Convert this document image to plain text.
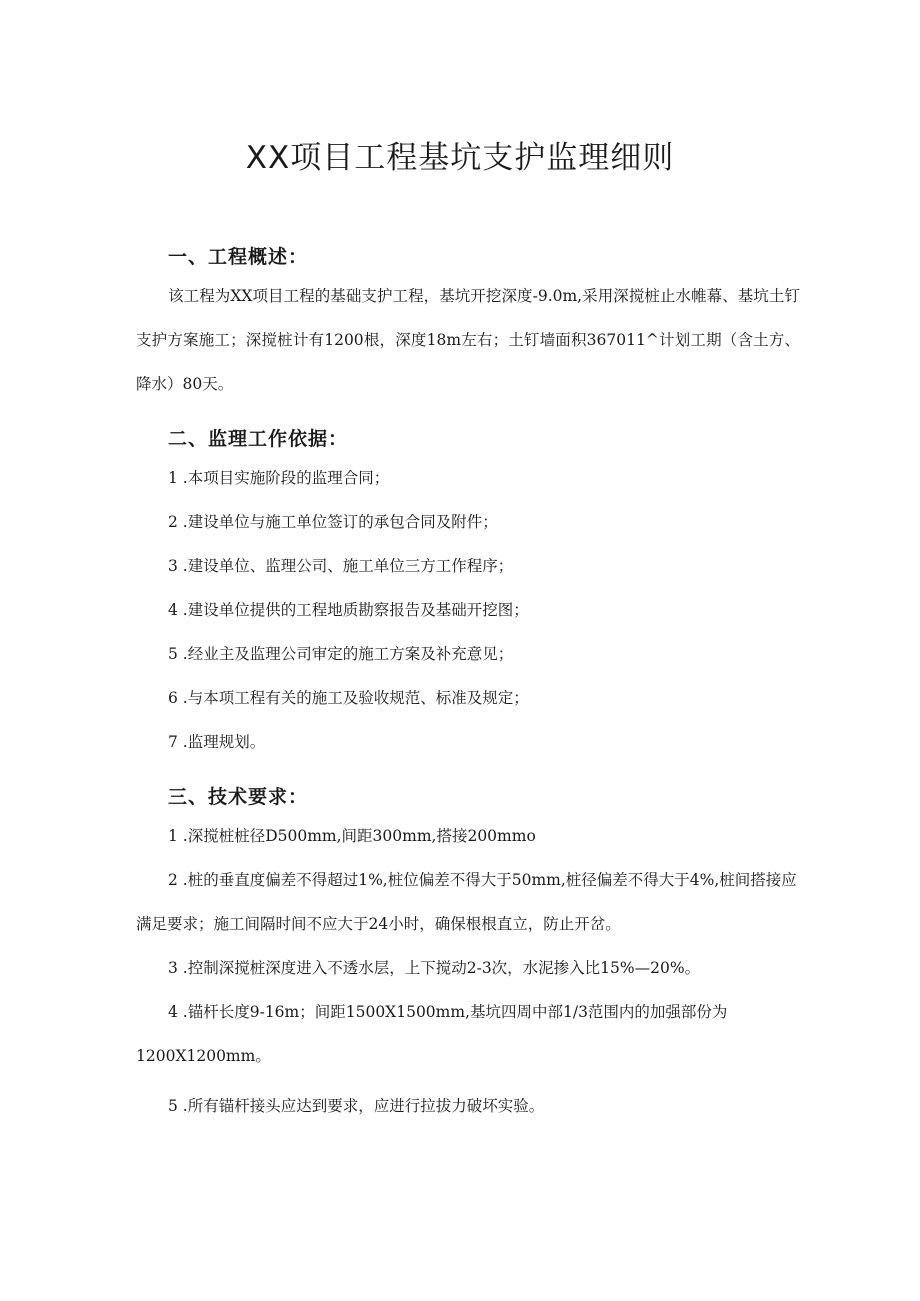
XX项目工程基坑支护监理细则
一、工程概述：

该工程为XX项目工程的基础支护工程，基坑开挖深度-9.0m,采用深搅桩止水帷幕、基坑土钉支护方案施工；深搅桩计有1200根，深度18m左右；土钉墙面积367011^计划工期（含土方、降水）80天。

二、监理工作依据：

1 .本项目实施阶段的监理合同；

2 .建设单位与施工单位签订的承包合同及附件；

3 .建设单位、监理公司、施工单位三方工作程序；

4 .建设单位提供的工程地质勘察报告及基础开挖图；

5 .经业主及监理公司审定的施工方案及补充意见；

6 .与本项工程有关的施工及验收规范、标准及规定；

7 .监理规划。

三、技术要求：

1 .深搅桩桩径D500mm,间距300mm,搭接200mmo

2 .桩的垂直度偏差不得超过1%,桩位偏差不得大于50mm,桩径偏差不得大于4%,桩间搭接应满足要求；施工间隔时间不应大于24小时，确保根根直立，防止开岔。

3 .控制深搅桩深度进入不透水层，上下搅动2-3次，水泥掺入比15%—20%。

4 .锚杆长度9-16m；间距1500X1500mm,基坑四周中部1/3范围内的加强部份为1200X1200mm。

5 .所有锚杆接头应达到要求，应进行拉拔力破坏实验。
